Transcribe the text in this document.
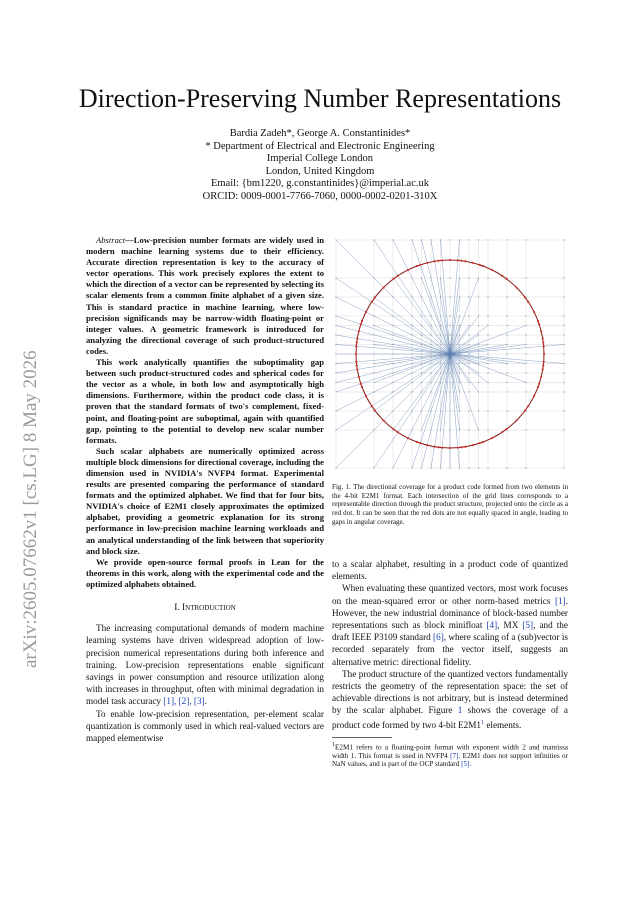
arXiv:2605.07662v1 [cs.LG] 8 May 2026
Direction-Preserving Number Representations
Bardia Zadeh*, George A. Constantinides*
* Department of Electrical and Electronic Engineering
Imperial College London
London, United Kingdom
Email: {bm1220, g.constantinides}@imperial.ac.uk
ORCID: 0009-0001-7766-7060, 0000-0002-0201-310X

Abstract—Low-precision number formats are widely used in modern machine learning systems due to their efficiency. Accurate direction representation is key to the accuracy of vector operations. This work precisely explores the extent to which the direction of a vector can be represented by selecting its scalar elements from a common finite alphabet of a given size. This is standard practice in machine learning, where low-precision significands may be narrow-width floating-point or integer values. A geometric framework is introduced for analyzing the directional coverage of such product-structured codes.

This work analytically quantifies the suboptimality gap between such product-structured codes and spherical codes for the vector as a whole, in both low and asymptotically high dimensions. Furthermore, within the product code class, it is proven that the standard formats of two's complement, fixed-point, and floating-point are suboptimal, again with quantified gap, pointing to the potential to develop new scalar number formats.

Such scalar alphabets are numerically optimized across multiple block dimensions for directional coverage, including the dimension used in NVIDIA's NVFP4 format. Experimental results are presented comparing the performance of standard formats and the optimized alphabet. We find that for four bits, NVIDIA's choice of E2M1 closely approximates the optimized alphabet, providing a geometric explanation for its strong performance in low-precision machine learning workloads and an analytical understanding of the link between that superiority and block size.

We provide open-source formal proofs in Lean for the theorems in this work, along with the experimental code and the optimized alphabets obtained.

I. Introduction

The increasing computational demands of modern machine learning systems have driven widespread adoption of low-precision numerical representations during both inference and training. Low-precision representations enable significant savings in power consumption and resource utilization along with increases in throughput, often with minimal degradation in model task accuracy [1], [2], [3].

To enable low-precision representation, per-element scalar quantization is commonly used in which real-valued vectors are mapped elementwise

Fig. 1. The directional coverage for a product code formed from two elements in the 4-bit E2M1 format. Each intersection of the grid lines corresponds to a representable direction through the product structure, projected onto the circle as a red dot. It can be seen that the red dots are not equally spaced in angle, leading to gaps in angular coverage.

to a scalar alphabet, resulting in a product code of quantized elements.

When evaluating these quantized vectors, most work focuses on the mean-squared error or other norm-based metrics [1]. However, the new industrial dominance of block-based number representations such as block minifloat [4], MX [5], and the draft IEEE P3109 standard [6], where scaling of a (sub)vector is recorded separately from the vector itself, suggests an alternative metric: directional fidelity.

The product structure of the quantized vectors fundamentally restricts the geometry of the representation space: the set of achievable directions is not arbitrary, but is instead determined by the scalar alphabet. Figure 1 shows the coverage of a product code formed by two 4-bit E2M1$^1$ elements.

$^1$E2M1 refers to a floating-point format with exponent width 2 and mantissa width 1. This format is used in NVFP4 [7]. E2M1 does not support infinities or NaN values, and is part of the OCP standard [5].
